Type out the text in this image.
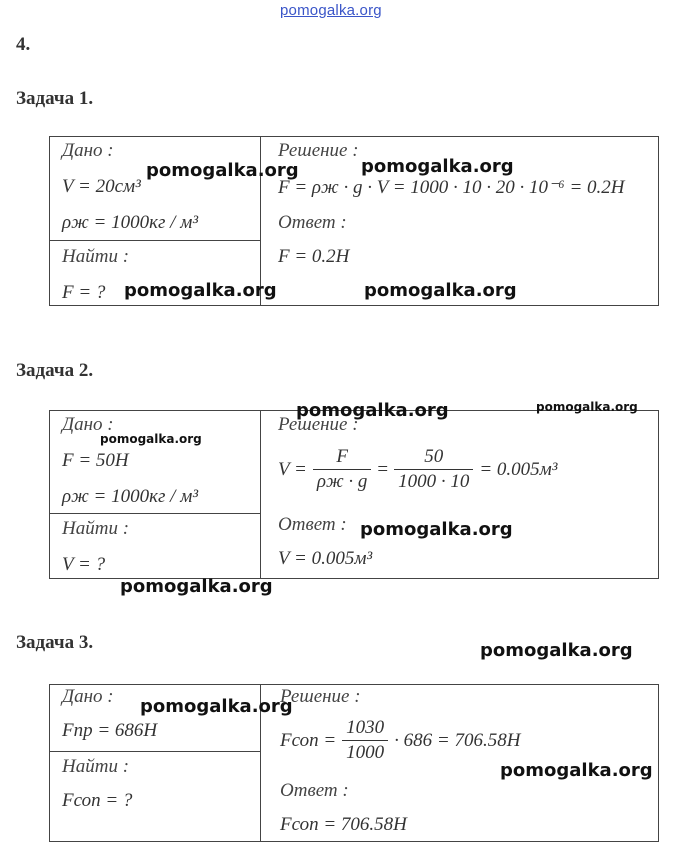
pomogalka.org
4.
Задача 1.
Дано :
V = 20см³
ρж = 1000кг / м³
Найти :
F = ?
Решение :
F = ρж · g · V = 1000 · 10 · 20 · 10⁻⁶ = 0.2H
Ответ :
F = 0.2H
Задача 2.
Дано :
F = 50H
ρж = 1000кг / м³
Найти :
V = ?
Решение :
$V = \frac{F}{\rho ж \cdot g} = \frac{50}{1000 \cdot 10} = 0.005м^3$
Ответ :
V = 0.005м³
Задача 3.
Дано :
Fпр = 686H
Найти :
Fсоп = ?
Решение :
Fсоп = $\frac{1030}{1000} \cdot 686 = 706.58H$
Ответ :
Fсоп = 706.58H
pomogalka.org
pomogalka.org
pomogalka.org	pomogalka.org
pomogalka.org	pomogalka.org
pomogalka.org
pomogalka.org
pomogalka.org
pomogalka.org
pomogalka.org
pomogalka.org
